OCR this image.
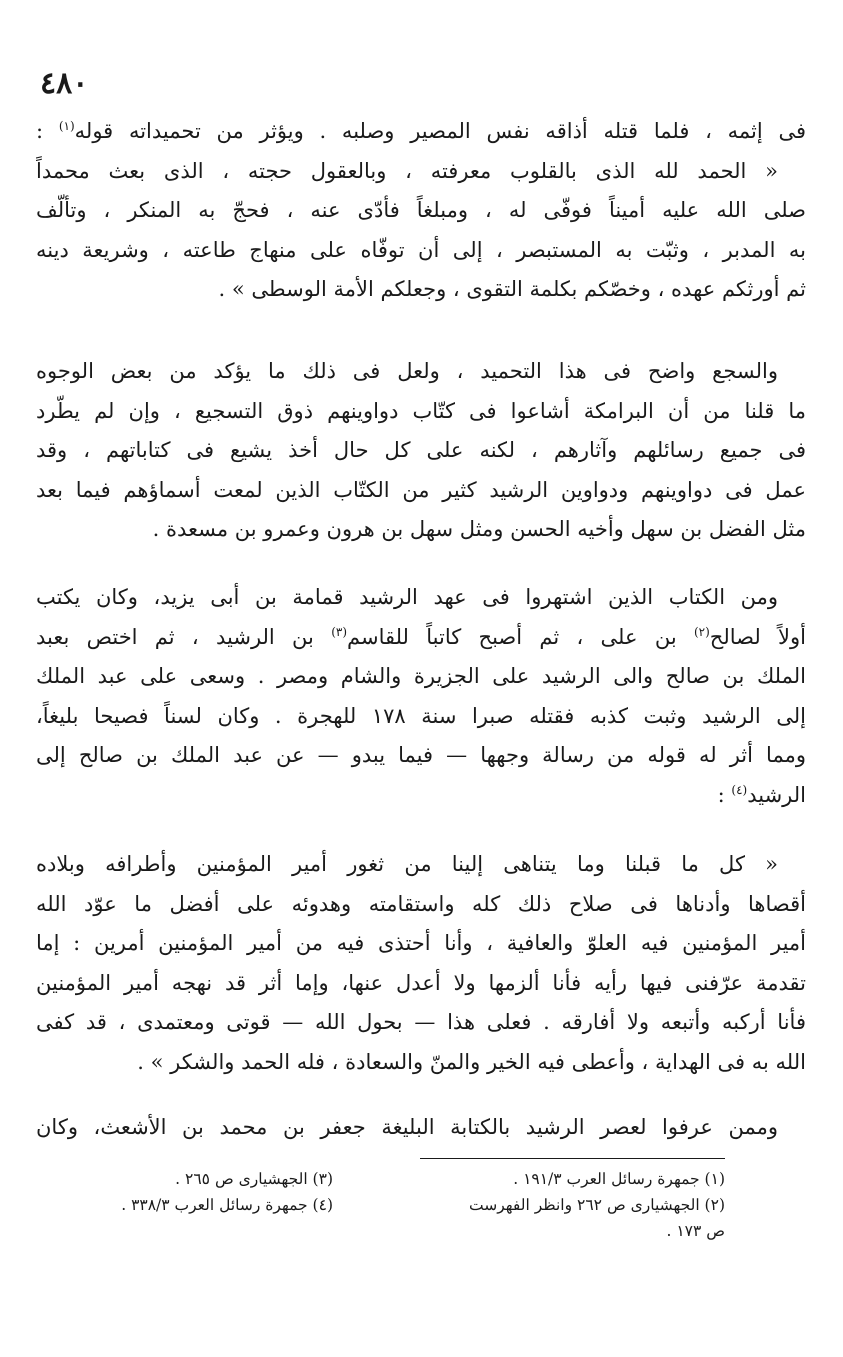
٤٨٠
فى إثمه ، فلما قتله أذاقه نفس المصير وصلبه . ويؤثر من تحميداته قوله$^{(١)}$ :
« الحمد لله الذى بالقلوب معرفته ، وبالعقول حجته ، الذى بعث محمداً
صلى الله عليه أميناً فوفّى له ، ومبلغاً فأدّى عنه ، فحجّ به المنكر ، وتألّف
به المدبر ، وثبّت به المستبصر ، إلى أن توفّاه على منهاج طاعته ، وشريعة دينه
ثم أورثكم عهده ، وخصّكم بكلمة التقوى ، وجعلكم الأمة الوسطى » .
والسجع واضح فى هذا التحميد ، ولعل فى ذلك ما يؤكد من بعض الوجوه
ما قلنا من أن البرامكة أشاعوا فى كتّاب دواوينهم ذوق التسجيع ، وإن لم يطّرد
فى جميع رسائلهم وآثارهم ، لكنه على كل حال أخذ يشيع فى كتاباتهم ، وقد
عمل فى دواوينهم ودواوين الرشيد كثير من الكتّاب الذين لمعت أسماؤهم فيما بعد
مثل الفضل بن سهل وأخيه الحسن ومثل سهل بن هرون وعمرو بن مسعدة .
ومن الكتاب الذين اشتهروا فى عهد الرشيد قمامة بن أبى يزيد، وكان يكتب
أولاً لصالح$^{(٢)}$ بن على ، ثم أصبح كاتباً للقاسم$^{(٣)}$ بن الرشيد ، ثم اختص بعبد
الملك بن صالح والى الرشيد على الجزيرة والشام ومصر . وسعى على عبد الملك
إلى الرشيد وثبت كذبه فقتله صبرا سنة ١٧٨ للهجرة . وكان لسناً فصيحا بليغاً،
ومما أثر له قوله من رسالة وجهها — فيما يبدو — عن عبد الملك بن صالح إلى
الرشيد$^{(٤)}$ :
« كل ما قبلنا وما يتناهى إلينا من ثغور أمير المؤمنين وأطرافه وبلاده
أقصاها وأدناها فى صلاح ذلك كله واستقامته وهدوئه على أفضل ما عوّد الله
أمير المؤمنين فيه العلوّ والعافية ، وأنا أحتذى فيه من أمير المؤمنين أمرين : إما
تقدمة عرّفنى فيها رأيه فأنا ألزمها ولا أعدل عنها، وإما أثر قد نهجه أمير المؤمنين
فأنا أركبه وأتبعه ولا أفارقه . فعلى هذا — بحول الله — قوتى ومعتمدى ، قد كفى
الله به فى الهداية ، وأعطى فيه الخير والمنّ والسعادة ، فله الحمد والشكر » .
وممن عرفوا لعصر الرشيد بالكتابة البليغة جعفر بن محمد بن الأشعث، وكان
(١) جمهرة رسائل العرب ١٩١/٣ .
(٢) الجهشيارى ص ٢٦٢ وانظر الفهرست
ص ١٧٣ .
(٣) الجهشيارى ص ٢٦٥ .
(٤) جمهرة رسائل العرب ٣٣٨/٣ .
